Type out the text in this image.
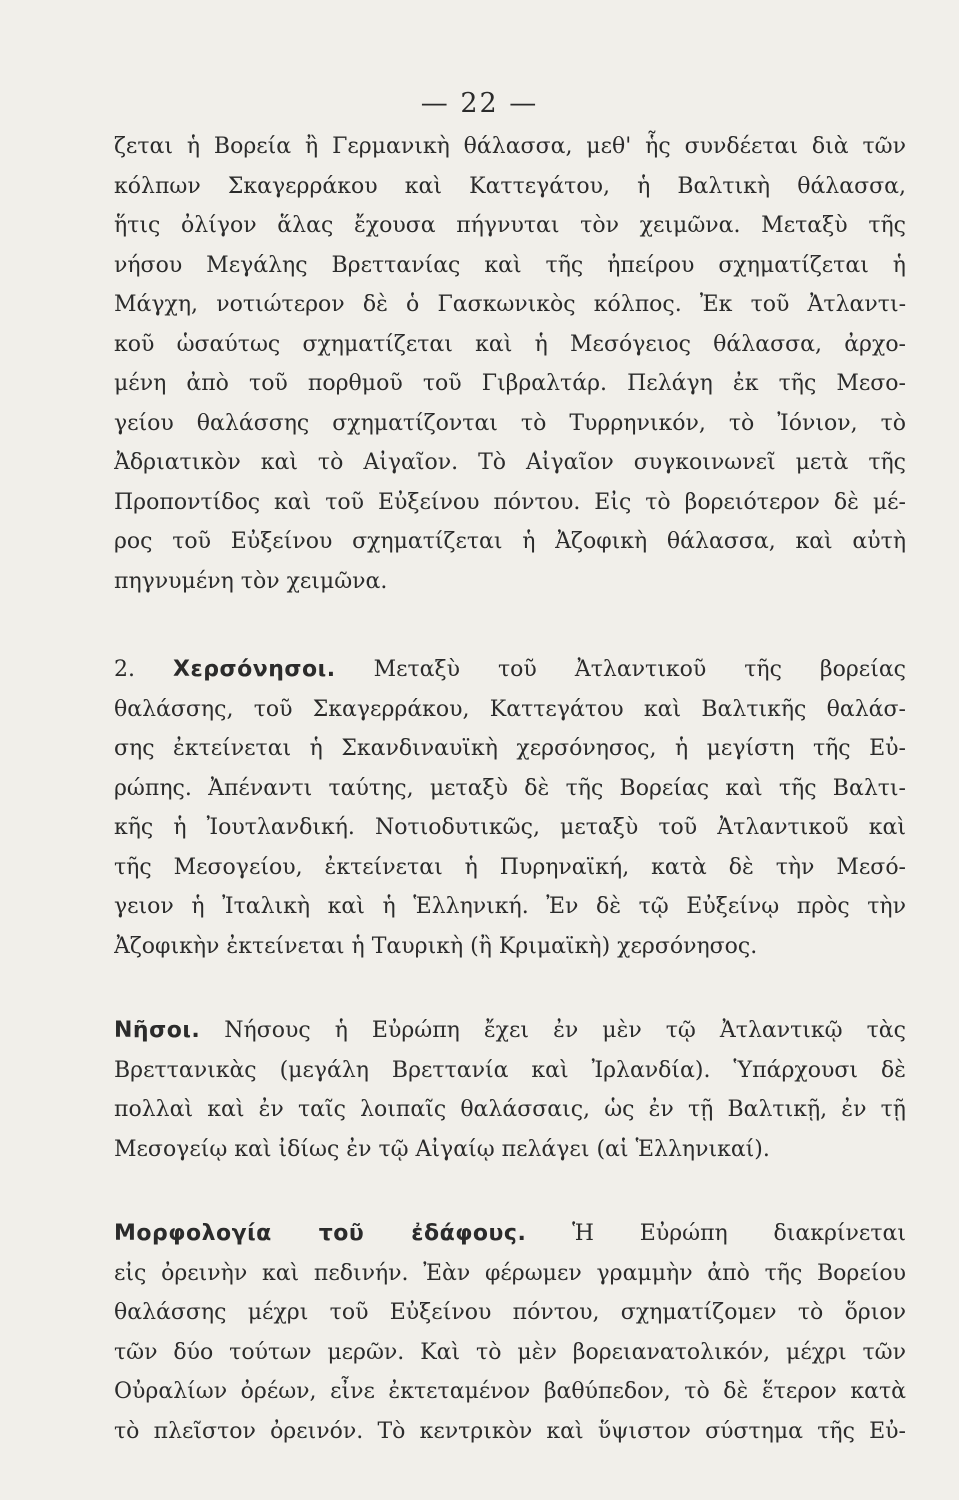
— 22 —

ζεται ἡ Βορεία ἢ Γερμανικὴ θάλασσα, μεθ' ἧς συνδέεται διὰ τῶν
κόλπων Σκαγερράκου καὶ Καττεγάτου, ἡ Βαλτικὴ θάλασσα,
ἥτις ὀλίγον ἅλας ἔχουσα πήγνυται τὸν χειμῶνα. Μεταξὺ τῆς
νήσου Μεγάλης Βρεττανίας καὶ τῆς ἠπείρου σχηματίζεται ἡ
Μάγχη, νοτιώτερον δὲ ὁ Γασκωνικὸς κόλπος. Ἐκ τοῦ Ἀτλαντι-
κοῦ ὡσαύτως σχηματίζεται καὶ ἡ Μεσόγειος θάλασσα, ἀρχο-
μένη ἀπὸ τοῦ πορθμοῦ τοῦ Γιβραλτάρ. Πελάγη ἐκ τῆς Μεσο-
γείου θαλάσσης σχηματίζονται τὸ Τυρρηνικόν, τὸ Ἰόνιον, τὸ
Ἀδριατικὸν καὶ τὸ Αἰγαῖον. Τὸ Αἰγαῖον συγκοινωνεῖ μετὰ τῆς
Προποντίδος καὶ τοῦ Εὐξείνου πόντου. Εἰς τὸ βορειότερον δὲ μέ-
ρος τοῦ Εὐξείνου σχηματίζεται ἡ Ἀζοφικὴ θάλασσα, καὶ αὐτὴ
πηγνυμένη τὸν χειμῶνα.

2. Χερσόνησοι. Μεταξὺ τοῦ Ἀτλαντικοῦ τῆς βορείας
θαλάσσης, τοῦ Σκαγερράκου, Καττεγάτου καὶ Βαλτικῆς θαλάσ-
σης ἐκτείνεται ἡ Σκανδιναυϊκὴ χερσόνησος, ἡ μεγίστη τῆς Εὐ-
ρώπης. Ἀπέναντι ταύτης, μεταξὺ δὲ τῆς Βορείας καὶ τῆς Βαλτι-
κῆς ἡ Ἰουτλανδική. Νοτιοδυτικῶς, μεταξὺ τοῦ Ἀτλαντικοῦ καὶ
τῆς Μεσογείου, ἐκτείνεται ἡ Πυρηναϊκή, κατὰ δὲ τὴν Μεσό-
γειον ἡ Ἰταλικὴ καὶ ἡ Ἑλληνική. Ἐν δὲ τῷ Εὐξείνῳ πρὸς τὴν
Ἀζοφικὴν ἐκτείνεται ἡ Ταυρικὴ (ἢ Κριμαϊκὴ) χερσόνησος.

Νῆσοι. Νήσους ἡ Εὐρώπη ἔχει ἐν μὲν τῷ Ἀτλαντικῷ τὰς
Βρεττανικὰς (μεγάλη Βρεττανία καὶ Ἰρλανδία). Ὑπάρχουσι δὲ
πολλαὶ καὶ ἐν ταῖς λοιπαῖς θαλάσσαις, ὡς ἐν τῇ Βαλτικῇ, ἐν τῇ
Μεσογείῳ καὶ ἰδίως ἐν τῷ Αἰγαίῳ πελάγει (αἱ Ἑλληνικαί).

Μορφολογία τοῦ ἐδάφους. Ἡ Εὐρώπη διακρίνεται
εἰς ὀρεινὴν καὶ πεδινήν. Ἐὰν φέρωμεν γραμμὴν ἀπὸ τῆς Βορείου
θαλάσσης μέχρι τοῦ Εὐξείνου πόντου, σχηματίζομεν τὸ ὅριον
τῶν δύο τούτων μερῶν. Καὶ τὸ μὲν βορειανατολικόν, μέχρι τῶν
Οὐραλίων ὀρέων, εἶνε ἐκτεταμένον βαθύπεδον, τὸ δὲ ἕτερον κατὰ
τὸ πλεῖστον ὀρεινόν. Τὸ κεντρικὸν καὶ ὕψιστον σύστημα τῆς Εὐ-
